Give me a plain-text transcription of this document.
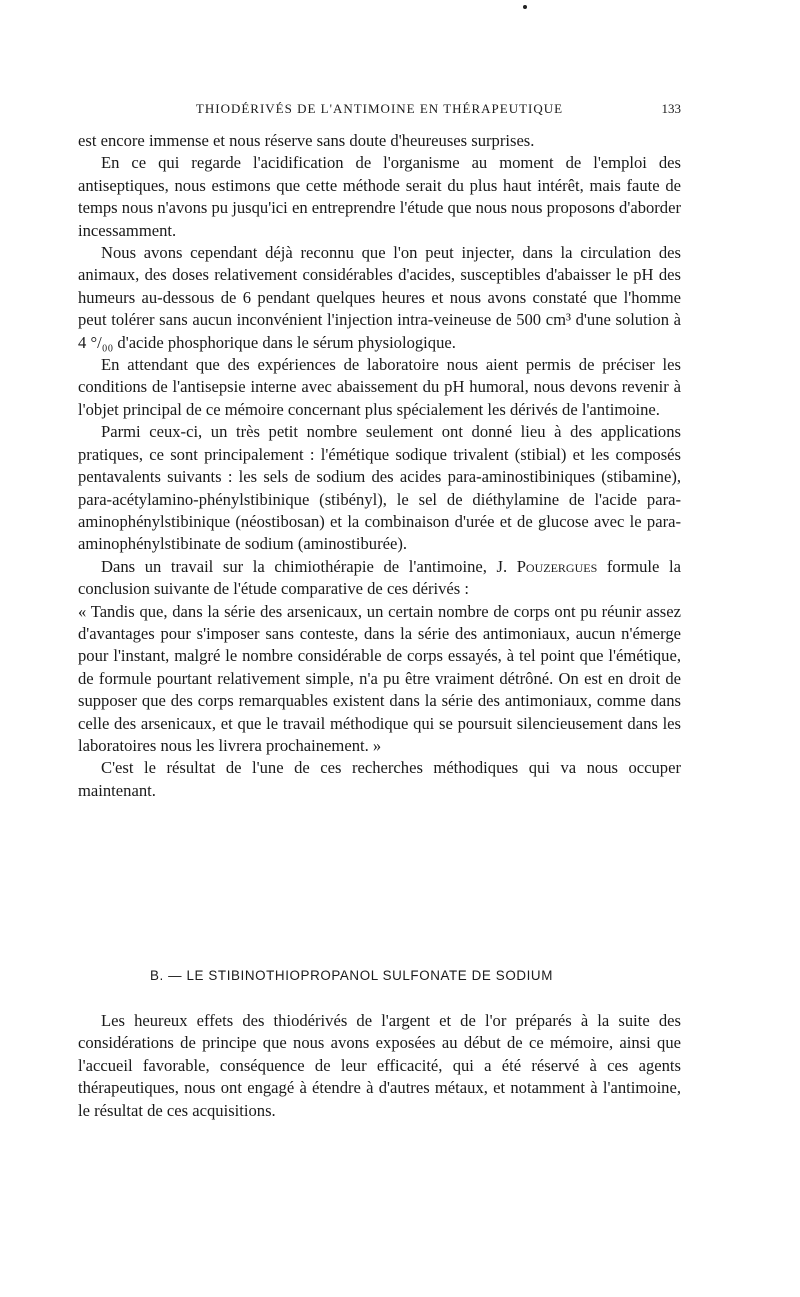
THIODÉRIVÉS DE L'ANTIMOINE EN THÉRAPEUTIQUE	133

est encore immense et nous réserve sans doute d'heureuses surprises.

En ce qui regarde l'acidification de l'organisme au moment de l'emploi des antiseptiques, nous estimons que cette méthode serait du plus haut intérêt, mais faute de temps nous n'avons pu jusqu'ici en entreprendre l'étude que nous nous proposons d'aborder incessamment.

Nous avons cependant déjà reconnu que l'on peut injecter, dans la circulation des animaux, des doses relativement considérables d'acides, susceptibles d'abaisser le pH des humeurs au-dessous de 6 pendant quelques heures et nous avons constaté que l'homme peut tolérer sans aucun inconvénient l'injection intra-veineuse de 500 cm³ d'une solution à 4 °/₀₀ d'acide phosphorique dans le sérum physiologique.

En attendant que des expériences de laboratoire nous aient permis de préciser les conditions de l'antisepsie interne avec abaissement du pH humoral, nous devons revenir à l'objet principal de ce mémoire concernant plus spécialement les dérivés de l'antimoine.

Parmi ceux-ci, un très petit nombre seulement ont donné lieu à des applications pratiques, ce sont principalement : l'émétique sodique trivalent (stibial) et les composés pentavalents suivants : les sels de sodium des acides para-aminostibiniques (stibamine), para-acétylamino-phénylstibinique (stibényl), le sel de diéthylamine de l'acide para-aminophénylstibinique (néostibosan) et la combinaison d'urée et de glucose avec le para-aminophénylstibinate de sodium (aminostiburée).

Dans un travail sur la chimiothérapie de l'antimoine, J. Pouzergues formule la conclusion suivante de l'étude comparative de ces dérivés :

« Tandis que, dans la série des arsenicaux, un certain nombre de corps ont pu réunir assez d'avantages pour s'imposer sans conteste, dans la série des antimoniaux, aucun n'émerge pour l'instant, malgré le nombre considérable de corps essayés, à tel point que l'émétique, de formule pourtant relativement simple, n'a pu être vraiment détrôné. On est en droit de supposer que des corps remarquables existent dans la série des antimoniaux, comme dans celle des arsenicaux, et que le travail méthodique qui se poursuit silencieusement dans les laboratoires nous les livrera prochainement. »

C'est le résultat de l'une de ces recherches méthodiques qui va nous occuper maintenant.

B. — LE STIBINOTHIOPROPANOL SULFONATE DE SODIUM

Les heureux effets des thiodérivés de l'argent et de l'or préparés à la suite des considérations de principe que nous avons exposées au début de ce mémoire, ainsi que l'accueil favorable, conséquence de leur efficacité, qui a été réservé à ces agents thérapeutiques, nous ont engagé à étendre à d'autres métaux, et notamment à l'antimoine, le résultat de ces acquisitions.
